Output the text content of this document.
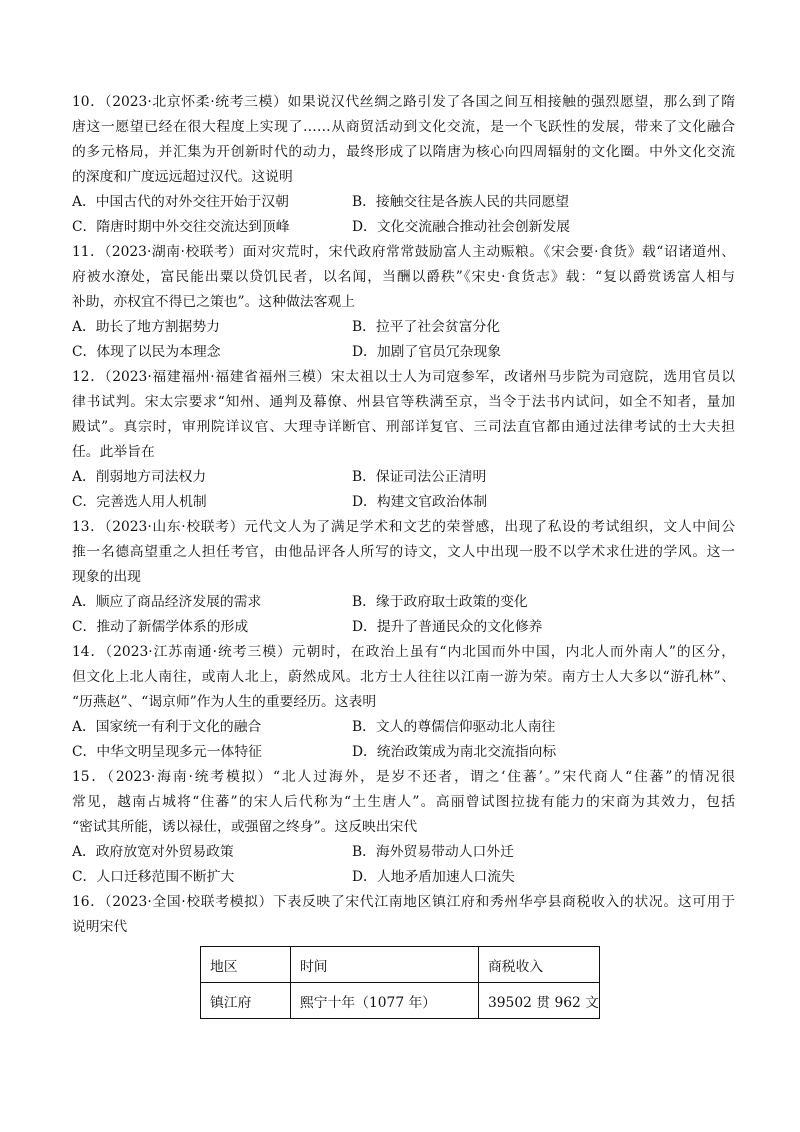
10．（2023·北京怀柔·统考三模）如果说汉代丝绸之路引发了各国之间互相接触的强烈愿望，那么到了隋
唐这一愿望已经在很大程度上实现了……从商贸活动到文化交流，是一个飞跃性的发展，带来了文化融合
的多元格局，并汇集为开创新时代的动力，最终形成了以隋唐为核心向四周辐射的文化圈。中外文化交流
的深度和广度远远超过汉代。这说明
A．中国古代的对外交往开始于汉朝	B．接触交往是各族人民的共同愿望
C．隋唐时期中外交往交流达到顶峰	D．文化交流融合推动社会创新发展
11．（2023·湖南·校联考）面对灾荒时，宋代政府常常鼓励富人主动赈粮。《宋会要·食货》载“诏诸道州、
府被水潦处，富民能出粟以贷饥民者，以名闻，当酬以爵秩”《宋史·食货志》载：“复以爵赏诱富人相与
补助，亦权宜不得已之策也”。这种做法客观上
A．助长了地方割据势力	B．拉平了社会贫富分化
C．体现了以民为本理念	D．加剧了官员冗杂现象
12．（2023·福建福州·福建省福州三模）宋太祖以士人为司寇参军，改诸州马步院为司寇院，选用官员以
律书试判。宋太宗要求“知州、通判及幕僚、州县官等秩满至京，当令于法书内试问，如全不知者，量加
殿试”。真宗时，审刑院详议官、大理寺详断官、刑部详复官、三司法直官都由通过法律考试的士大夫担
任。此举旨在
A．削弱地方司法权力	B．保证司法公正清明
C．完善选人用人机制	D．构建文官政治体制
13．（2023·山东·校联考）元代文人为了满足学术和文艺的荣誉感，出现了私设的考试组织，文人中间公
推一名德高望重之人担任考官，由他品评各人所写的诗文，文人中出现一股不以学术求仕进的学风。这一
现象的出现
A．顺应了商品经济发展的需求	B．缘于政府取士政策的变化
C．推动了新儒学体系的形成	D．提升了普通民众的文化修养
14．（2023·江苏南通·统考三模）元朝时，在政治上虽有“内北国而外中国，内北人而外南人”的区分，
但文化上北人南往，或南人北上，蔚然成风。北方士人往往以江南一游为荣。南方士人大多以“游孔林”、
“历燕赵”、“谒京师”作为人生的重要经历。这表明
A．国家统一有利于文化的融合	B．文人的尊儒信仰驱动北人南往
C．中华文明呈现多元一体特征	D．统治政策成为南北交流指向标
15．（2023·海南·统考模拟）“北人过海外，是岁不还者，谓之‘住蕃’。”宋代商人“住蕃”的情况很
常见，越南占城将“住蕃”的宋人后代称为“土生唐人”。高丽曾试图拉拢有能力的宋商为其效力，包括
“密试其所能，诱以禄仕，或强留之终身”。这反映出宋代
A．政府放宽对外贸易政策	B．海外贸易带动人口外迁
C．人口迁移范围不断扩大	D．人地矛盾加速人口流失
16．（2023·全国·校联考模拟）下表反映了宋代江南地区镇江府和秀州华亭县商税收入的状况。这可用于
说明宋代
地区	时间	商税收入
镇江府	熙宁十年（1077 年）	39502 贯 962 文
